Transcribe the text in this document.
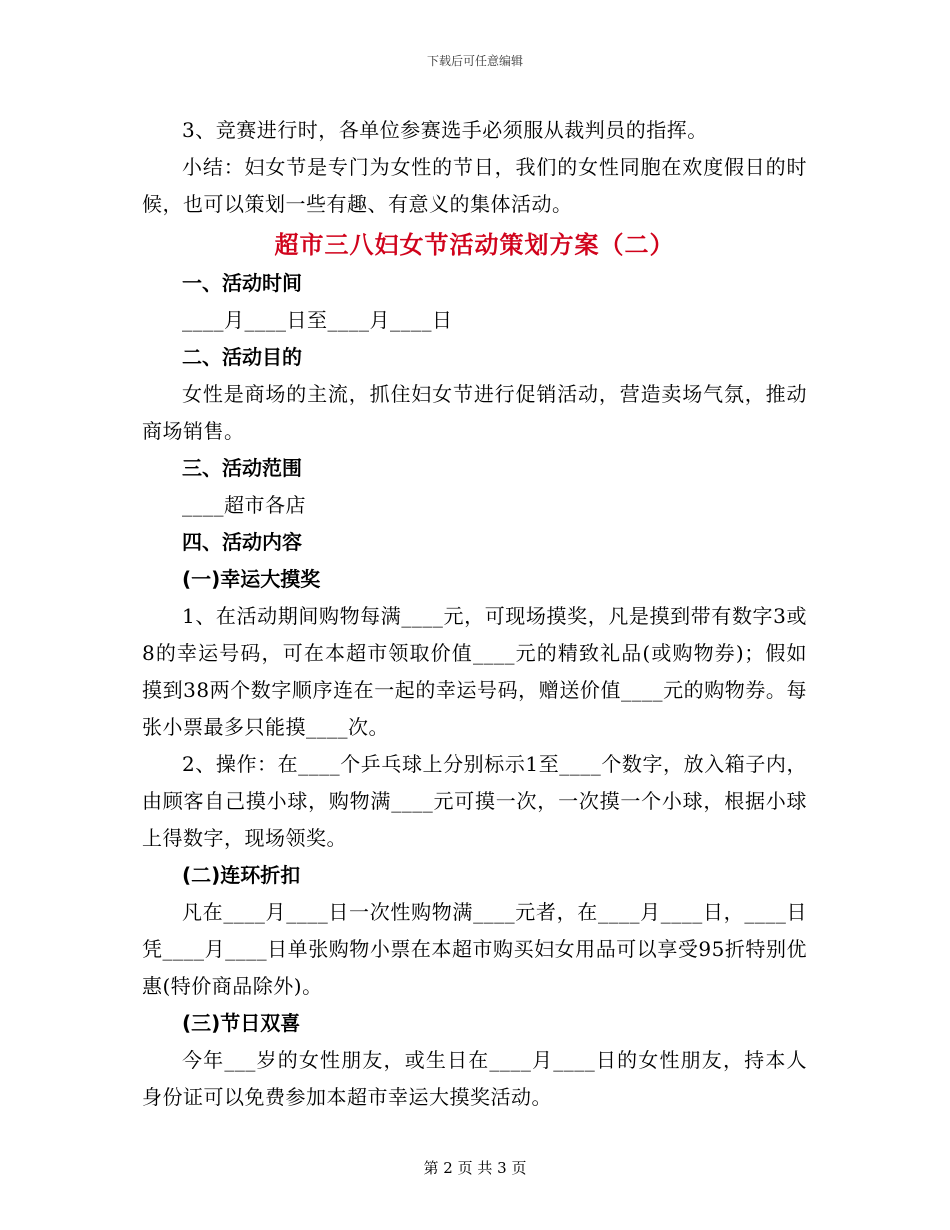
下载后可任意编辑

3、竞赛进行时，各单位参赛选手必须服从裁判员的指挥。

小结：妇女节是专门为女性的节日，我们的女性同胞在欢度假日的时候，也可以策划一些有趣、有意义的集体活动。

超市三八妇女节活动策划方案（二）

一、活动时间

____月____日至____月____日

二、活动目的

女性是商场的主流，抓住妇女节进行促销活动，营造卖场气氛，推动商场销售。

三、活动范围

____超市各店

四、活动内容

(一)幸运大摸奖

1、在活动期间购物每满____元，可现场摸奖，凡是摸到带有数字3或8的幸运号码，可在本超市领取价值____元的精致礼品(或购物券)；假如摸到38两个数字顺序连在一起的幸运号码，赠送价值____元的购物券。每张小票最多只能摸____次。

2、操作：在____个乒乓球上分别标示1至____个数字，放入箱子内，由顾客自己摸小球，购物满____元可摸一次，一次摸一个小球，根据小球上得数字，现场领奖。

(二)连环折扣

凡在____月____日一次性购物满____元者，在____月____日，____日凭____月____日单张购物小票在本超市购买妇女用品可以享受95折特别优惠(特价商品除外)。

(三)节日双喜

今年___岁的女性朋友，或生日在____月____日的女性朋友，持本人身份证可以免费参加本超市幸运大摸奖活动。

第 2 页 共 3 页
